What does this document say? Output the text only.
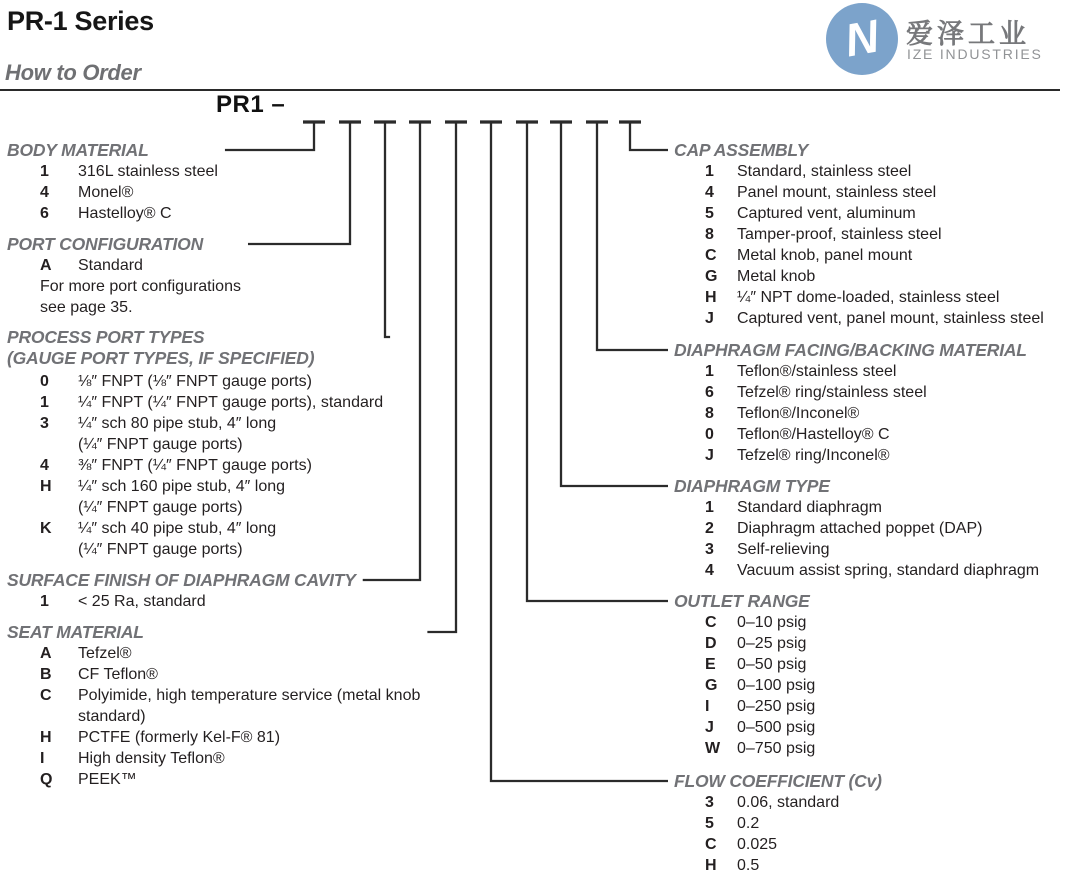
PR-1 Series	N 爱泽工业
IZE INDUSTRIES
How to Order
PR1 –
BODY MATERIAL
1 316L stainless steel
4 Monel®
6 Hastelloy® C
PORT CONFIGURATION
A Standard
For more port configurations
see page 35.
PROCESS PORT TYPES
(GAUGE PORT TYPES, IF SPECIFIED)
0 ⅛″ FNPT (⅛″ FNPT gauge ports)
1 ¼″ FNPT (¼″ FNPT gauge ports), standard
3 ¼″ sch 80 pipe stub, 4″ long
(¼″ FNPT gauge ports)
4 ⅜″ FNPT (¼″ FNPT gauge ports)
H ¼″ sch 160 pipe stub, 4″ long
(¼″ FNPT gauge ports)
K ¼″ sch 40 pipe stub, 4″ long
(¼″ FNPT gauge ports)
SURFACE FINISH OF DIAPHRAGM CAVITY
1 < 25 Ra, standard
SEAT MATERIAL
A Tefzel®
B CF Teflon®
C Polyimide, high temperature service (metal knob
standard)
H PCTFE (formerly Kel-F® 81)
I High density Teflon®
Q PEEK™
CAP ASSEMBLY
1 Standard, stainless steel
4 Panel mount, stainless steel
5 Captured vent, aluminum
8 Tamper-proof, stainless steel
C Metal knob, panel mount
G Metal knob
H ¼″ NPT dome-loaded, stainless steel
J Captured vent, panel mount, stainless steel
DIAPHRAGM FACING/BACKING MATERIAL
1 Teflon®/stainless steel
6 Tefzel® ring/stainless steel
8 Teflon®/Inconel®
0 Teflon®/Hastelloy® C
J Tefzel® ring/Inconel®
DIAPHRAGM TYPE
1 Standard diaphragm
2 Diaphragm attached poppet (DAP)
3 Self-relieving
4 Vacuum assist spring, standard diaphragm
OUTLET RANGE
C 0–10 psig
D 0–25 psig
E 0–50 psig
G 0–100 psig
I 0–250 psig
J 0–500 psig
W 0–750 psig
FLOW COEFFICIENT (Cv)
3 0.06, standard
5 0.2
C 0.025
H 0.5
